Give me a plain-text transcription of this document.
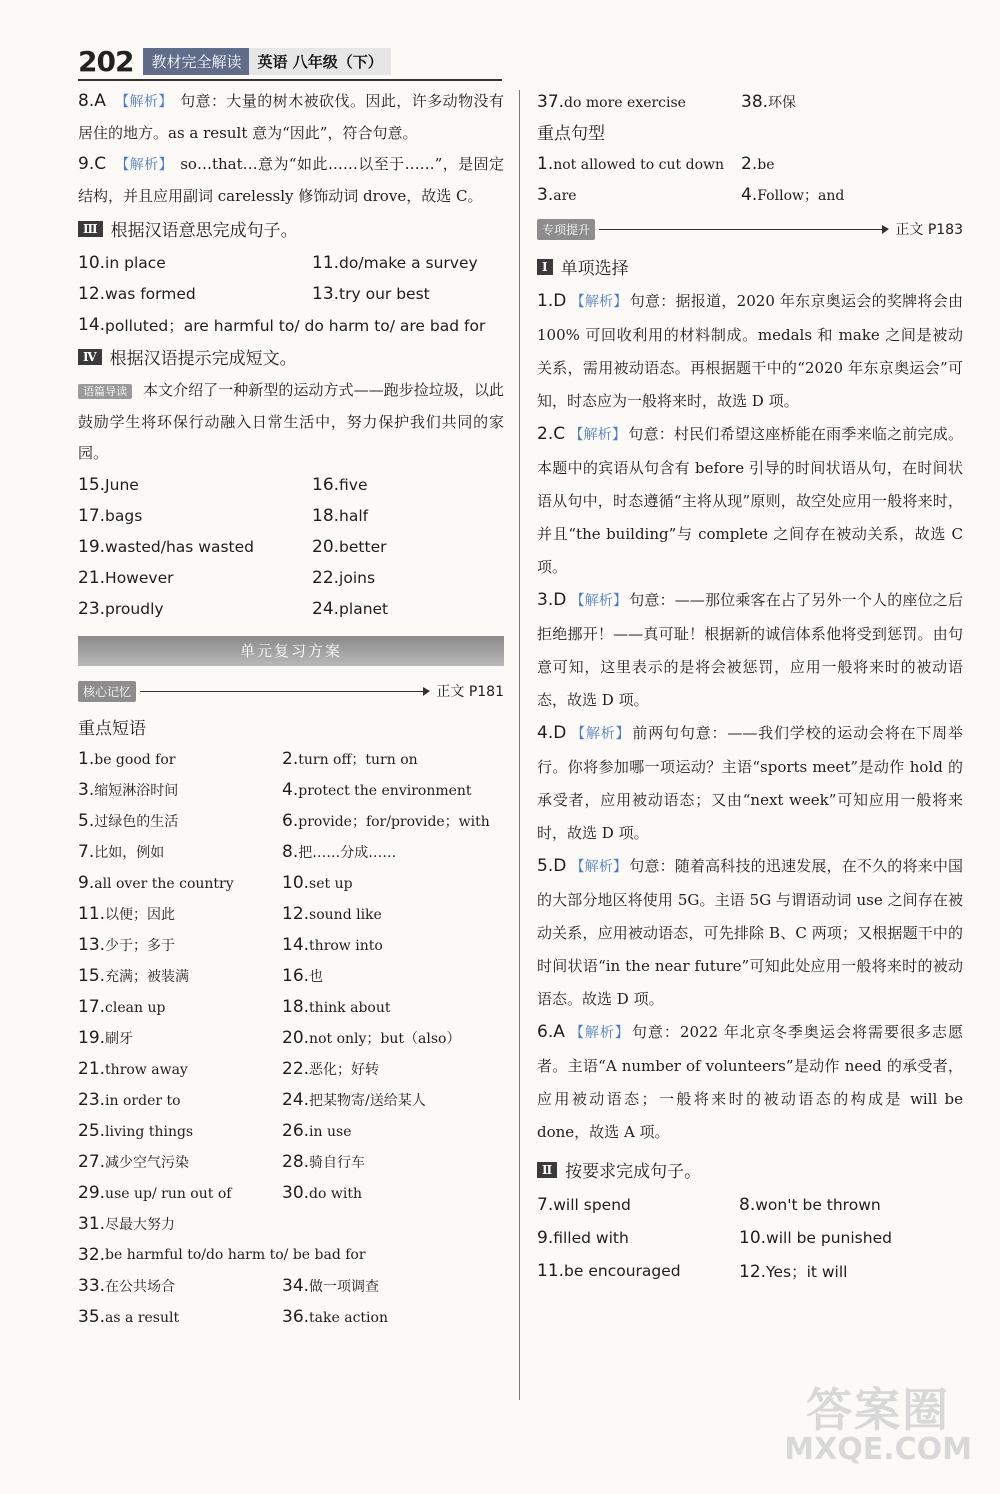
202	教材完全解读	英语 八年级（下）

8.A 【解析】 句意：大量的树木被砍伐。因此，许多动物没有居住的地方。as a result 意为“因此”，符合句意。

9.C 【解析】 so…that…意为“如此……以至于……”，是固定结构，并且应用副词 carelessly 修饰动词 drove，故选 C。

Ⅲ 根据汉语意思完成句子。
10.in place	11.do/make a survey
12.was formed	13.try our best
14. polluted；are harmful to/ do harm to/ are bad for
Ⅳ 根据汉语提示完成短文。

语篇导读 本文介绍了一种新型的运动方式——跑步捡垃圾，以此鼓励学生将环保行动融入日常生活中，努力保护我们共同的家园。

15.June	16.five
17.bags	18.half
19.wasted/has wasted	20.better
21.However	22.joins
23.proudly	24.planet
单元复习方案
核心记忆	正文 P181
重点短语
1.be good for	2.turn off；turn on
3.缩短淋浴时间	4.protect the environment
5.过绿色的生活	6.provide；for/provide；with
7.比如，例如	8.把……分成……
9.all over the country	10.set up
11.以便；因此	12.sound like
13.少于；多于	14.throw into
15.充满；被装满	16.也
17.clean up	18.think about
19.刷牙	20.not only；but（also）
21.throw away	22.恶化；好转
23.in order to	24.把某物寄/送给某人
25.living things	26.in use
27.减少空气污染	28.骑自行车
29.use up/ run out of	30.do with
31. 尽最大努力
32. be harmful to/do harm to/ be bad for
33.在公共场合	34.做一项调查
35.as a result	36.take action
37.do more exercise	38.环保
重点句型
1.not allowed to cut down	2.be
3.are	4.Follow；and
专项提升	正文 P183
Ⅰ 单项选择

1.D 【解析】 句意：据报道，2020 年东京奥运会的奖牌将会由 100% 可回收利用的材料制成。medals 和 make 之间是被动关系，需用被动语态。再根据题干中的“2020 年东京奥运会”可知，时态应为一般将来时，故选 D 项。

2.C 【解析】 句意：村民们希望这座桥能在雨季来临之前完成。本题中的宾语从句含有 before 引导的时间状语从句，在时间状语从句中，时态遵循“主将从现”原则，故空处应用一般将来时，并且“the building”与 complete 之间存在被动关系，故选 C 项。

3.D 【解析】 句意：——那位乘客在占了另外一个人的座位之后拒绝挪开！——真可耻！根据新的诚信体系他将受到惩罚。由句意可知，这里表示的是将会被惩罚，应用一般将来时的被动语态，故选 D 项。

4.D 【解析】 前两句句意：——我们学校的运动会将在下周举行。你将参加哪一项运动？主语“sports meet”是动作 hold 的承受者，应用被动语态；又由“next week”可知应用一般将来时，故选 D 项。

5.D 【解析】 句意：随着高科技的迅速发展，在不久的将来中国的大部分地区将使用 5G。主语 5G 与谓语动词 use 之间存在被动关系，应用被动语态，可先排除 B、C 两项；又根据题干中的时间状语“in the near future”可知此处应用一般将来时的被动语态。故选 D 项。

6.A 【解析】 句意：2022 年北京冬季奥运会将需要很多志愿者。主语“A number of volunteers”是动作 need 的承受者，应用被动语态；一般将来时的被动语态的构成是 will be done，故选 A 项。

Ⅱ 按要求完成句子。
7.will spend	8.won't be thrown
9.filled with	10.will be punished
11.be encouraged	12.Yes；it will
答案圈
MXQE.COM
